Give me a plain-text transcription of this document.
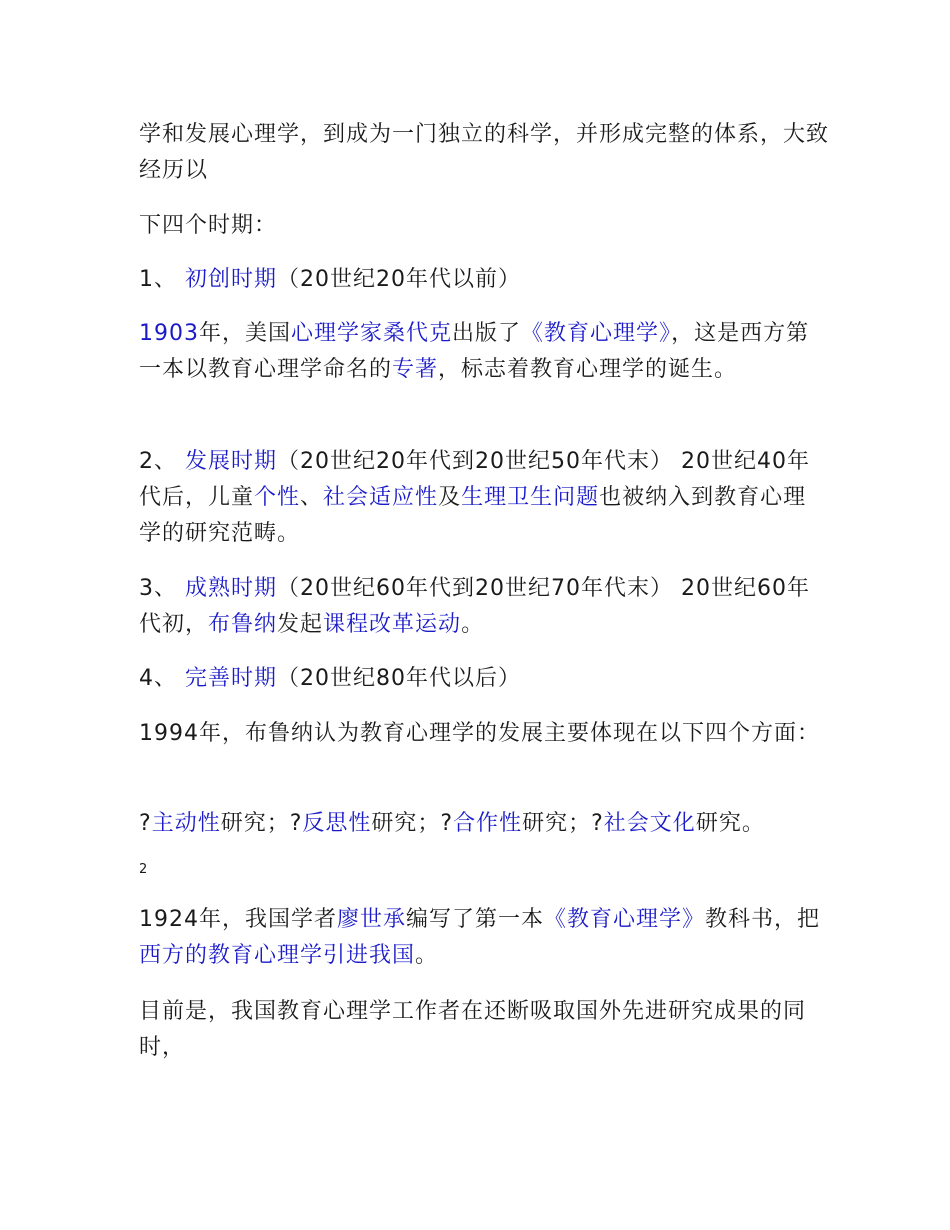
学和发展心理学，到成为一门独立的科学，并形成完整的体系，大致经历以

下四个时期：

1、 初创时期（20世纪20年代以前）

1903年，美国心理学家桑代克出版了《教育心理学》，这是西方第一本以教育心理学命名的专著，标志着教育心理学的诞生。

2、 发展时期（20世纪20年代到20世纪50年代末） 20世纪40年代后，儿童个性、社会适应性及生理卫生问题也被纳入到教育心理学的研究范畴。

3、 成熟时期（20世纪60年代到20世纪70年代末） 20世纪60年代初，布鲁纳发起课程改革运动。

4、 完善时期（20世纪80年代以后）

1994年，布鲁纳认为教育心理学的发展主要体现在以下四个方面：

?主动性研究；?反思性研究；?合作性研究；?社会文化研究。

2

1924年，我国学者廖世承编写了第一本《教育心理学》教科书，把西方的教育心理学引进我国。

目前是，我国教育心理学工作者在还断吸取国外先进研究成果的同时，
